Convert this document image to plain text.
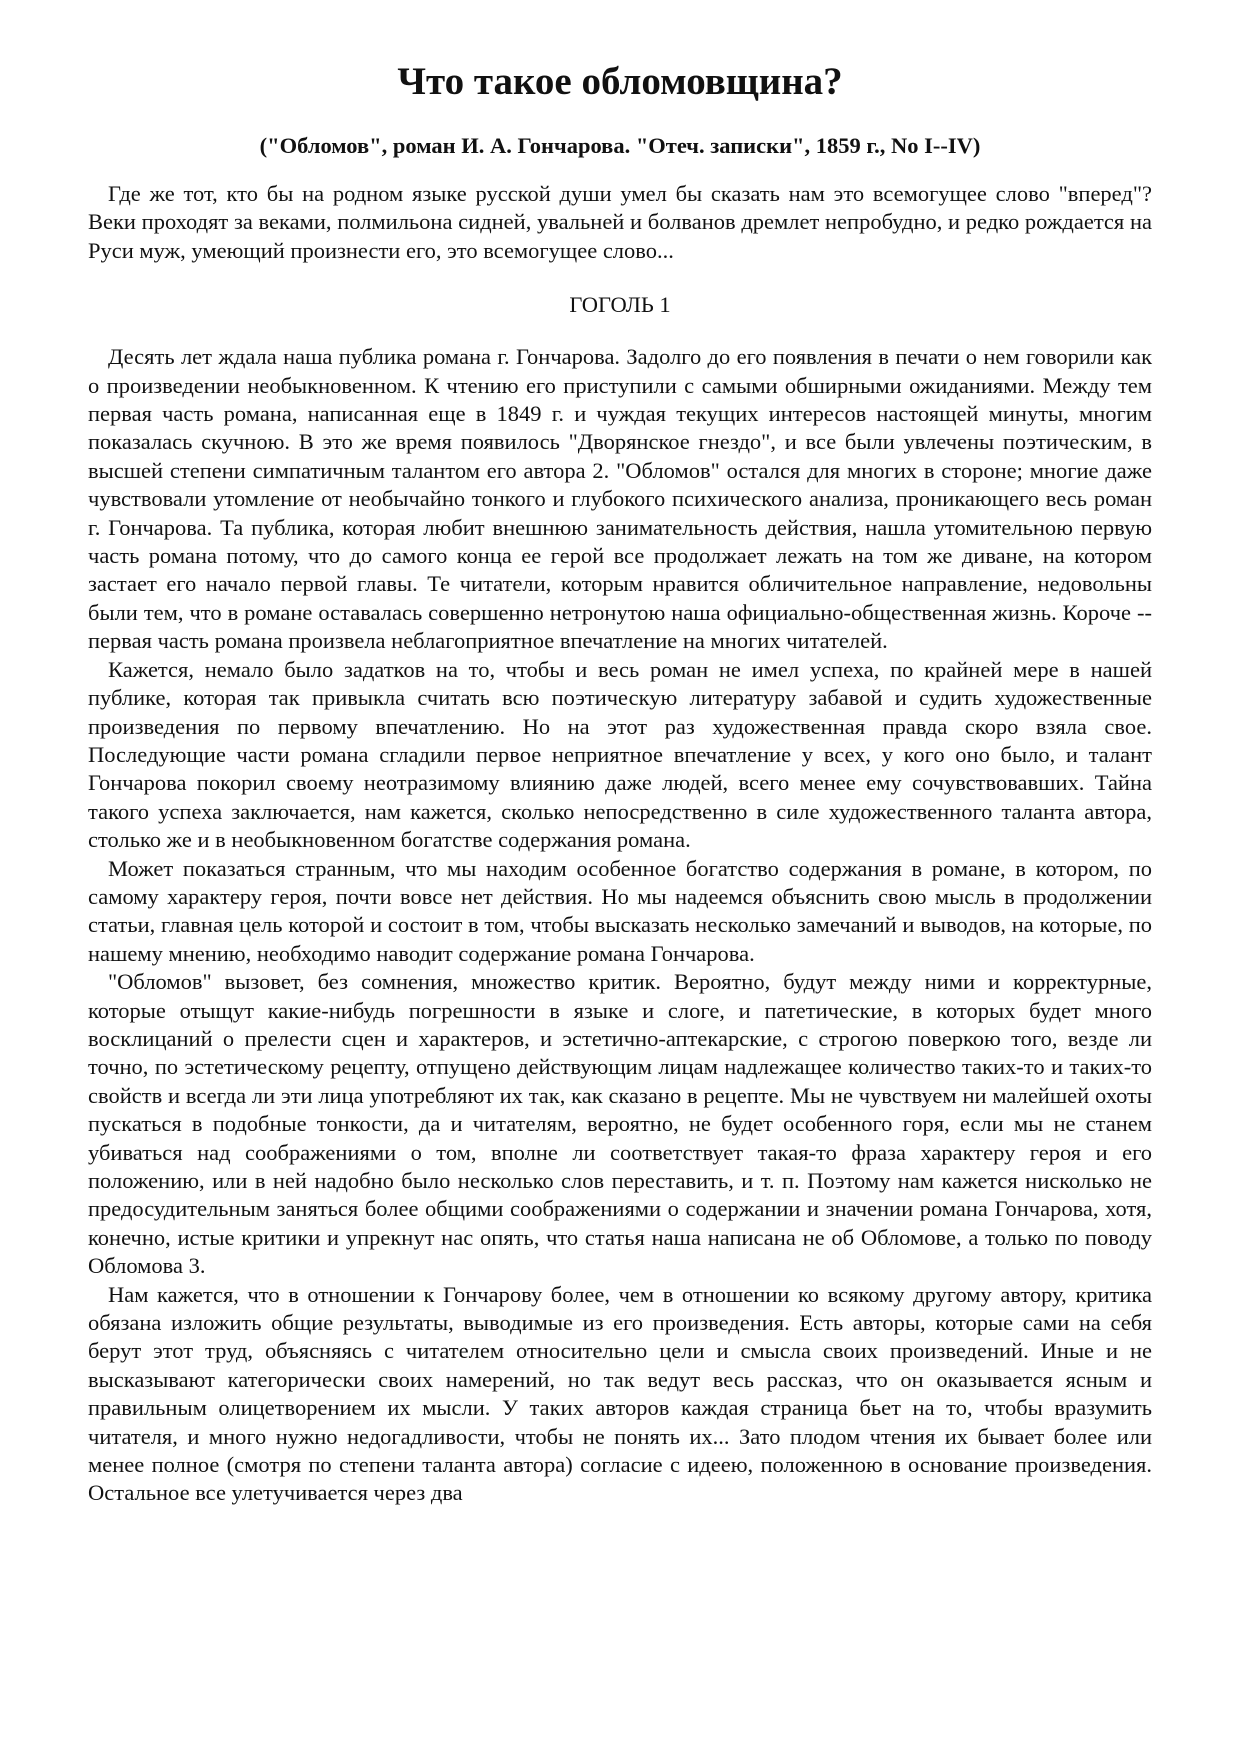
Что такое обломовщина?
("Обломов", роман И. А. Гончарова. "Отеч. записки", 1859 г., No I--IV)

Где же тот, кто бы на родном языке русской души умел бы сказать нам это всемогущее слово "вперед"? Веки проходят за веками, полмильона сидней, увальней и болванов дремлет непробудно, и редко рождается на Руси муж, умеющий произнести его, это всемогущее слово...

ГОГОЛЬ 1

Десять лет ждала наша публика романа г. Гончарова. Задолго до его появления в печати о нем говорили как о произведении необыкновенном. К чтению его приступили с самыми обширными ожиданиями. Между тем первая часть романа, написанная еще в 1849 г. и чуждая текущих интересов настоящей минуты, многим показалась скучною. В это же время появилось "Дворянское гнездо", и все были увлечены поэтическим, в высшей степени симпатичным талантом его автора 2. "Обломов" остался для многих в стороне; многие даже чувствовали утомление от необычайно тонкого и глубокого психического анализа, проникающего весь роман г. Гончарова. Та публика, которая любит внешнюю занимательность действия, нашла утомительною первую часть романа потому, что до самого конца ее герой все продолжает лежать на том же диване, на котором застает его начало первой главы. Те читатели, которым нравится обличительное направление, недовольны были тем, что в романе оставалась совершенно нетронутою наша официально-общественная жизнь. Короче -- первая часть романа произвела неблагоприятное впечатление на многих читателей.

Кажется, немало было задатков на то, чтобы и весь роман не имел успеха, по крайней мере в нашей публике, которая так привыкла считать всю поэтическую литературу забавой и судить художественные произведения по первому впечатлению. Но на этот раз художественная правда скоро взяла свое. Последующие части романа сгладили первое неприятное впечатление у всех, у кого оно было, и талант Гончарова покорил своему неотразимому влиянию даже людей, всего менее ему сочувствовавших. Тайна такого успеха заключается, нам кажется, сколько непосредственно в силе художественного таланта автора, столько же и в необыкновенном богатстве содержания романа.

Может показаться странным, что мы находим особенное богатство содержания в романе, в котором, по самому характеру героя, почти вовсе нет действия. Но мы надеемся объяснить свою мысль в продолжении статьи, главная цель которой и состоит в том, чтобы высказать несколько замечаний и выводов, на которые, по нашему мнению, необходимо наводит содержание романа Гончарова.

"Обломов" вызовет, без сомнения, множество критик. Вероятно, будут между ними и корректурные, которые отыщут какие-нибудь погрешности в языке и слоге, и патетические, в которых будет много восклицаний о прелести сцен и характеров, и эстетично-аптекарские, с строгою поверкою того, везде ли точно, по эстетическому рецепту, отпущено действующим лицам надлежащее количество таких-то и таких-то свойств и всегда ли эти лица употребляют их так, как сказано в рецепте. Мы не чувствуем ни малейшей охоты пускаться в подобные тонкости, да и читателям, вероятно, не будет особенного горя, если мы не станем убиваться над соображениями о том, вполне ли соответствует такая-то фраза характеру героя и его положению, или в ней надобно было несколько слов переставить, и т. п. Поэтому нам кажется нисколько не предосудительным заняться более общими соображениями о содержании и значении романа Гончарова, хотя, конечно, истые критики и упрекнут нас опять, что статья наша написана не об Обломове, а только по поводу Обломова 3.

Нам кажется, что в отношении к Гончарову более, чем в отношении ко всякому другому автору, критика обязана изложить общие результаты, выводимые из его произведения. Есть авторы, которые сами на себя берут этот труд, объясняясь с читателем относительно цели и смысла своих произведений. Иные и не высказывают категорически своих намерений, но так ведут весь рассказ, что он оказывается ясным и правильным олицетворением их мысли. У таких авторов каждая страница бьет на то, чтобы вразумить читателя, и много нужно недогадливости, чтобы не понять их... Зато плодом чтения их бывает более или менее полное (смотря по степени таланта автора) согласие с идеею, положенною в основание произведения. Остальное все улетучивается через два
